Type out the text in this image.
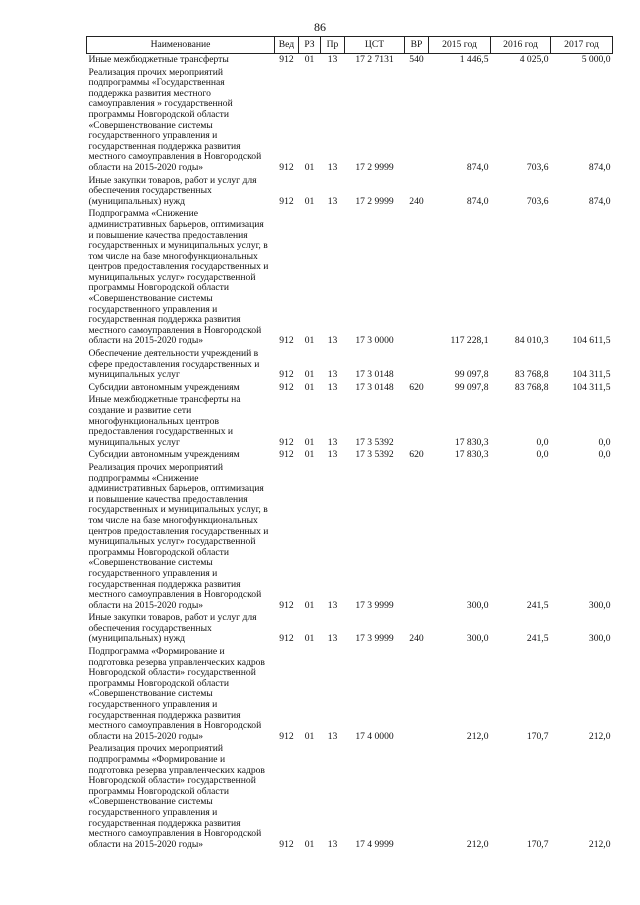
86
Наименование	Вед	РЗ	Пр	ЦСТ	ВР	2015 год	2016 год	2017 год
Иные межбюджетные трансферты	912	01	13	17 2 7131	540	1 446,5	4 025,0	5 000,0
Реализация прочих мероприятий подпрограммы «Государственная поддержка развития местного самоуправления » государственной программы Новгородской области «Совершенствование системы государственного управления и государственная поддержка развития местного самоуправления в Новгородской области на 2015-2020 годы»	912	01	13	17 2 9999		874,0	703,6	874,0
Иные закупки товаров, работ и услуг для обеспечения государственных (муниципальных) нужд	912	01	13	17 2 9999	240	874,0	703,6	874,0
Подпрограмма «Снижение административных барьеров, оптимизация и повышение качества предоставления государственных и муниципальных услуг, в том числе на базе многофункциональных центров предоставления государственных и муниципальных услуг» государственной программы Новгородской области «Совершенствование системы государственного управления и государственная поддержка развития местного самоуправления в Новгородской области на 2015-2020 годы»	912	01	13	17 3 0000		117 228,1	84 010,3	104 611,5
Обеспечение деятельности учреждений в сфере предоставления государственных и муниципальных услуг	912	01	13	17 3 0148		99 097,8	83 768,8	104 311,5
Субсидии автономным учреждениям	912	01	13	17 3 0148	620	99 097,8	83 768,8	104 311,5
Иные межбюджетные трансферты на создание и развитие сети многофункциональных центров предоставления государственных и муниципальных услуг	912	01	13	17 3 5392		17 830,3	0,0	0,0
Субсидии автономным учреждениям	912	01	13	17 3 5392	620	17 830,3	0,0	0,0
Реализация прочих мероприятий подпрограммы «Снижение административных барьеров, оптимизация и повышение качества предоставления государственных и муниципальных услуг, в том числе на базе многофункциональных центров предоставления государственных и муниципальных услуг» государственной программы Новгородской области «Совершенствование системы государственного управления и государственная поддержка развития местного самоуправления в Новгородской области на 2015-2020 годы»	912	01	13	17 3 9999		300,0	241,5	300,0
Иные закупки товаров, работ и услуг для обеспечения государственных (муниципальных) нужд	912	01	13	17 3 9999	240	300,0	241,5	300,0
Подпрограмма «Формирование и подготовка резерва управленческих кадров Новгородской области» государственной программы Новгородской области «Совершенствование системы государственного управления и государственная поддержка развития местного самоуправления в Новгородской области на 2015-2020 годы»	912	01	13	17 4 0000		212,0	170,7	212,0
Реализация прочих мероприятий подпрограммы «Формирование и подготовка резерва управленческих кадров Новгородской области» государственной программы Новгородской области «Совершенствование системы государственного управления и государственная поддержка развития местного самоуправления в Новгородской области на 2015-2020 годы»	912	01	13	17 4 9999		212,0	170,7	212,0
